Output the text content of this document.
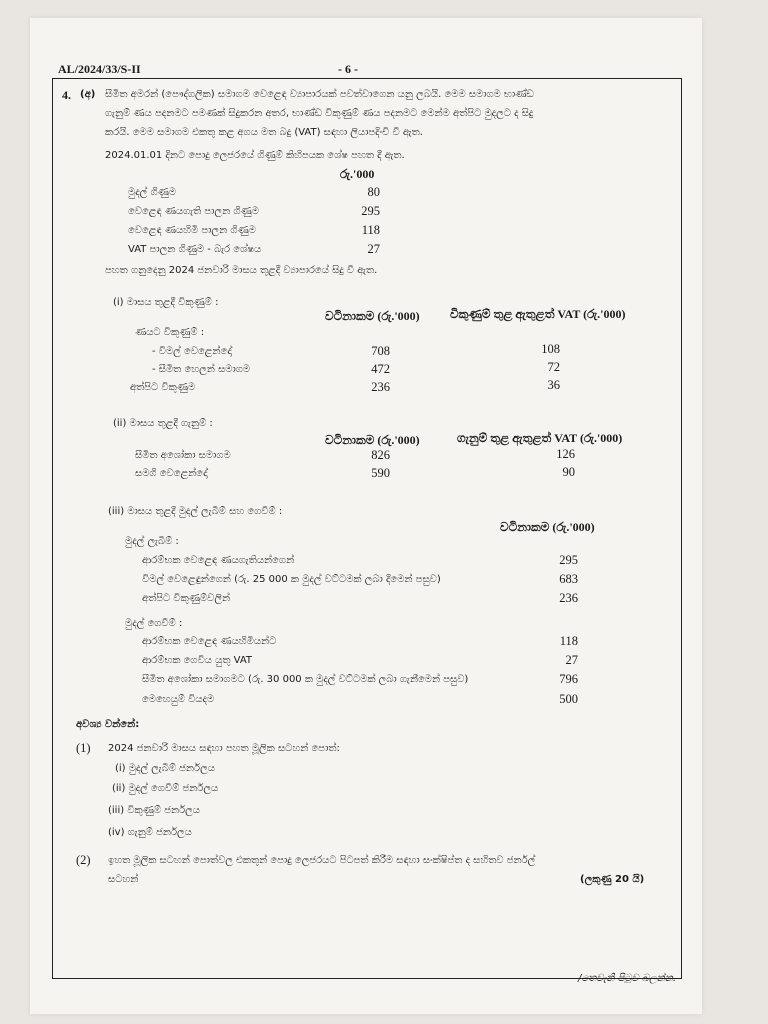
AL/2024/33/S-II	- 6 -
4. (අ) සීමිත අමරන් (පෞද්ගලික) සමාගම වෙළෙඳ ව්‍යාපාරයක් පවත්වාගෙන යනු ලබයි. මෙම සමාගම භාණ්ඩ
ගැනුම් ණය පදනමට පමණක් සිදුකරන අතර, භාණ්ඩ විකුණුම් ණය පදනමට මෙන්ම අත්පිට මුදලට ද සිදු
කරයි. මෙම සමාගම එකතු කළ අගය මත බදු (VAT) සඳහා ලියාපදිංචි වී ඇත.
2024.01.01 දිනට පොදු ලෙජරයේ ගිණුම් කිහිපයක ශේෂ පහත දී ඇත.
රු.'000
මුදල් ගිණුම	80
වෙළෙඳ ණයගැති පාලන ගිණුම	295
වෙළෙඳ ණයහිමි පාලන ගිණුම	118
VAT පාලන ගිණුම - බැර ශේෂය	27
පහත ගනුදෙනු 2024 ජනවාරි මාසය තුළදී ව්‍යාපාරයේ සිදු වී ඇත.
(i) මාසය තුළදී විකුණුම් :
වටිනාකම (රු.'000)	විකුණුම් තුළ ඇතුළත් VAT (රු.'000)
ණයට විකුණුම් :
- විමල් වෙළෙන්දෝ	708	108
- සීමිත හෙලන් සමාගම	472	72
අත්පිට විකුණුම	236	36
(ii) මාසය තුළදී ගැනුම් :
වටිනාකම (රු.'000)	ගැනුම් තුළ ඇතුළත් VAT (රු.'000)
සීමිත අශෝකා සමාගම	826	126
සමගි වෙළෙන්දෝ	590	90
(iii) මාසය තුළදී මුදල් ලැබීම් සහ ගෙවීම් :
වටිනාකම (රු.'000)
මුදල් ලැබීම් :
ආරම්භක වෙළෙඳ ණයගැතියන්ගෙන්	295
විමල් වෙළෙඳුන්ගෙන් (රු. 25 000 ක මුදල් වට්ටමක් ලබා දීමෙන් පසුව)	683
අත්පිට විකුණුම්වලින්	236
මුදල් ගෙවීම් :
ආරම්භක වෙළෙඳ ණයහිමියන්ට	118
ආරම්භක ගෙවිය යුතු VAT	27
සීමිත අශෝකා සමාගමට (රු. 30 000 ක මුදල් වට්ටමක් ලබා ගැනීමෙන් පසුව)	796
මෙහෙයුම් වියදම	500
අවශ්‍ය වන්නේ:
(1) 2024 ජනවාරි මාසය සඳහා පහත මූලික සටහන් පොත්:
(i) මුදල් ලැබීම් ජර්නලය
(ii) මුදල් ගෙවීම් ජර්නලය
(iii) විකුණුම් ජර්නලය
(iv) ගැනුම් ජර්නලය
(2) ඉහත මූලික සටහන් පොත්වල එකතුන් පොදු ලෙජරයට පිටපත් කිරීම සඳහා සංක්ෂිප්ත ද සහිතව ජර්නල්
සටහන්	(ලකුණු 20 යි)
/තෙවැනි පිටුව බලන්න.
